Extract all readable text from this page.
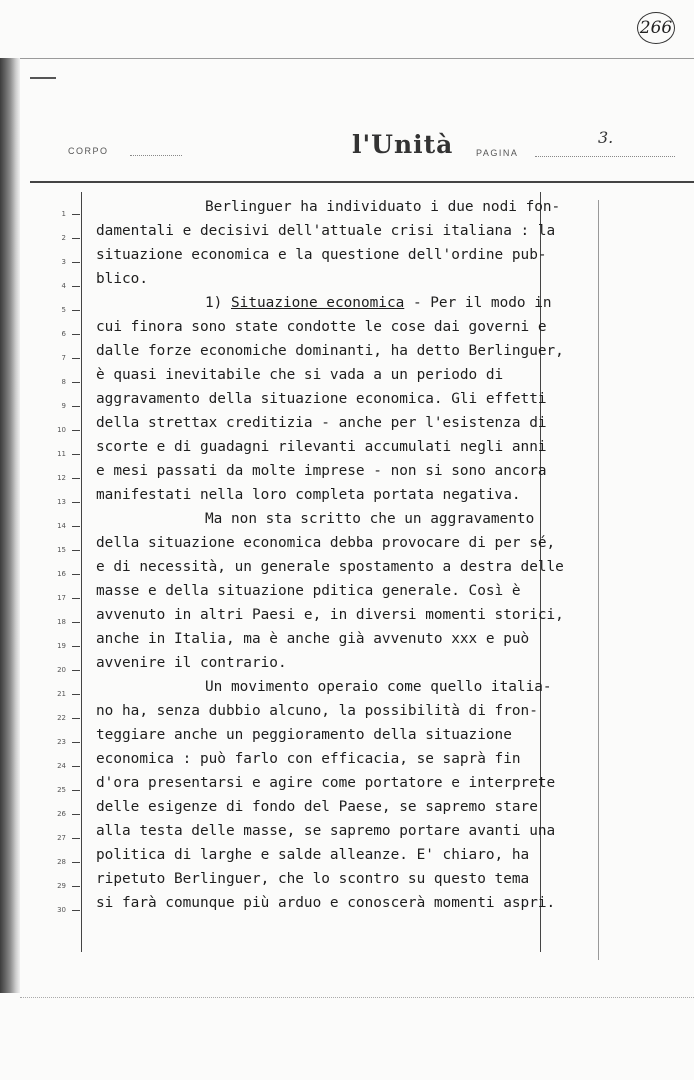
266
CORPO	l'Unità	PAGINA
3.
1
2
3
4
5
6
7
8
9
10
11
12
13
14
15
16
17
18
19
20
21
22
23
24
25
26
27
28
29
30
Berlinguer ha individuato i due nodi fon-
damentali e decisivi dell'attuale crisi italiana : la
situazione economica e la questione dell'ordine pub-
blico.
1) Situazione economica - Per il modo in
cui finora sono state condotte le cose dai governi e
dalle forze economiche dominanti, ha detto Berlinguer,
è quasi inevitabile che si vada a un periodo di
aggravamento della situazione economica. Gli effetti
della strettax creditizia - anche per l'esistenza di
scorte e di guadagni rilevanti accumulati negli anni
e mesi passati da molte imprese - non si sono ancora
manifestati nella loro completa portata negativa.
Ma non sta scritto che un aggravamento
della situazione economica debba provocare di per sé,
e di necessità, un generale spostamento a destra delle
masse e della situazione pditica generale. Così è
avvenuto in altri Paesi e, in diversi momenti storici,
anche in Italia, ma è anche già avvenuto xxx e può
avvenire il contrario.
Un movimento operaio come quello italia-
no ha, senza dubbio alcuno, la possibilità di fron-
teggiare anche un peggioramento della situazione
economica : può farlo con efficacia, se saprà fin
d'ora presentarsi e agire come portatore e interprete
delle esigenze di fondo del Paese, se sapremo stare
alla testa delle masse, se sapremo portare avanti una
politica di larghe e salde alleanze. E' chiaro, ha
ripetuto Berlinguer, che lo scontro su questo tema
si farà comunque più arduo e conoscerà momenti aspri.
